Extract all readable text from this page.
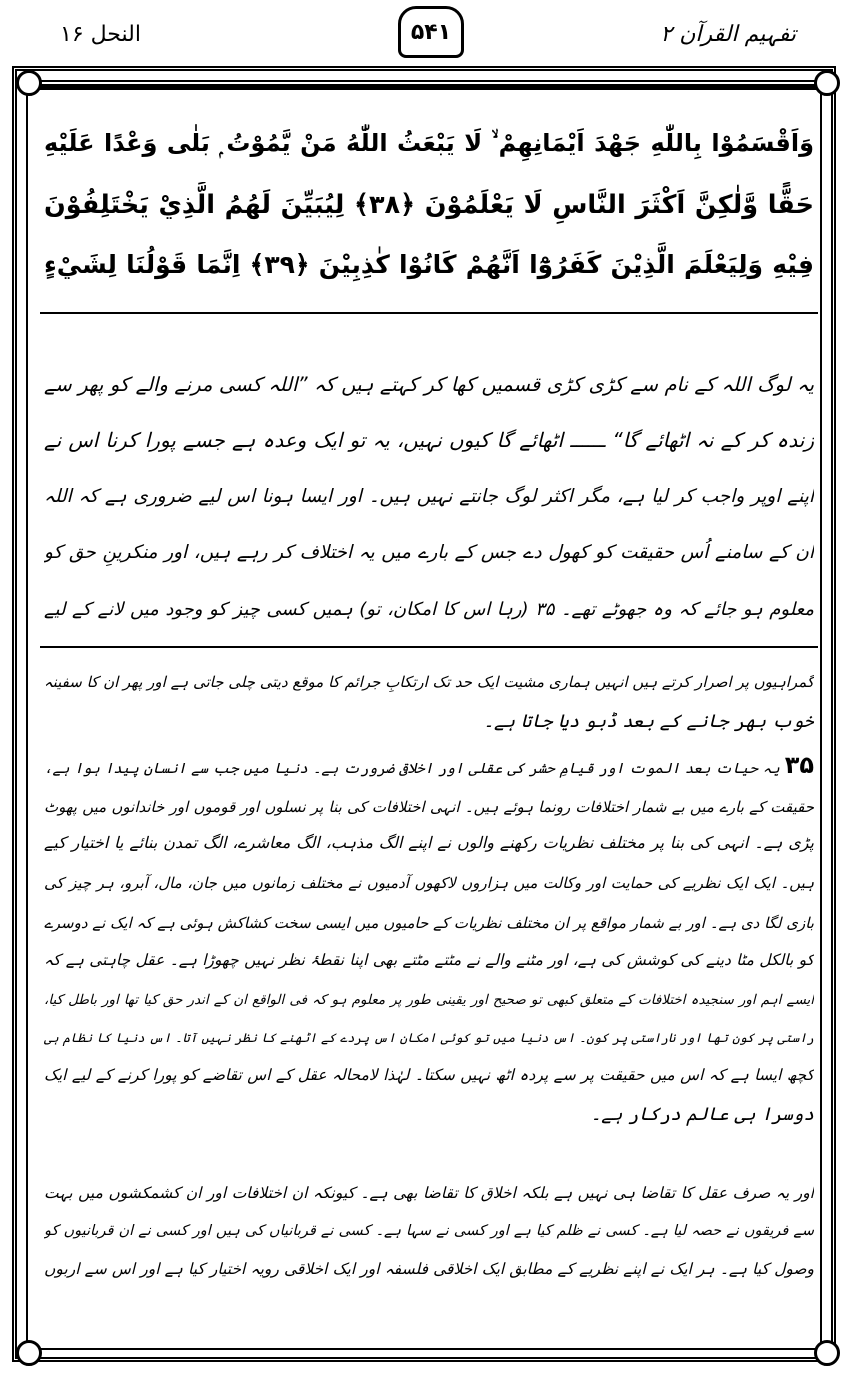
تفہیم القرآن ۲
۵۴۱
النحل ۱۶
وَاَقْسَمُوْا بِاللّٰهِ جَهْدَ اَيْمَانِهِمْ ۙ لَا يَبْعَثُ اللّٰهُ مَنْ يَّمُوْتُ ۭ بَلٰى وَعْدًا عَلَيْهِ
حَقًّا وَّلٰكِنَّ اَكْثَرَ النَّاسِ لَا يَعْلَمُوْنَ ﴿۳۸﴾ لِيُبَيِّنَ لَهُمُ الَّذِيْ يَخْتَلِفُوْنَ
فِيْهِ وَلِيَعْلَمَ الَّذِيْنَ كَفَرُوْٓا اَنَّهُمْ كَانُوْا كٰذِبِيْنَ ﴿۳۹﴾ اِنَّمَا قَوْلُنَا لِشَيْءٍ
یہ لوگ اللہ کے نام سے کڑی کڑی قسمیں کھا کر کہتے ہیں کہ ”اللہ کسی مرنے والے کو پھر سے
زندہ کر کے نہ اٹھائے گا“ ــــــ اٹھائے گا کیوں نہیں، یہ تو ایک وعدہ ہے جسے پورا کرنا اس نے
اپنے اوپر واجب کر لیا ہے، مگر اکثر لوگ جانتے نہیں ہیں۔ اور ایسا ہونا اس لیے ضروری ہے کہ اللہ
ان کے سامنے اُس حقیقت کو کھول دے جس کے بارے میں یہ اختلاف کر رہے ہیں، اور منکرینِ حق کو
معلوم ہو جائے کہ وہ جھوٹے تھے۔ ۳۵ (رہا اس کا امکان، تو) ہمیں کسی چیز کو وجود میں لانے کے لیے
گمراہیوں پر اصرار کرتے ہیں انہیں ہماری مشیت ایک حد تک ارتکابِ جرائم کا موقع دیتی چلی جاتی ہے اور پھر ان کا سفینہ
خوب بھر جانے کے بعد ڈبو دیا جاتا ہے۔
۳۵ یہ حیات بعد الموت اور قیامِ حشر کی عقلی اور اخلاقی ضرورت ہے۔ دنیا میں جب سے انسان پیدا ہوا ہے،
حقیقت کے بارے میں بے شمار اختلافات رونما ہوئے ہیں۔ انہی اختلافات کی بنا پر نسلوں اور قوموں اور خاندانوں میں پھوٹ
پڑی ہے۔ انہی کی بنا پر مختلف نظریات رکھنے والوں نے اپنے الگ مذہب، الگ معاشرے، الگ تمدن بنائے یا اختیار کیے
ہیں۔ ایک ایک نظریے کی حمایت اور وکالت میں ہزاروں لاکھوں آدمیوں نے مختلف زمانوں میں جان، مال، آبرو، ہر چیز کی
بازی لگا دی ہے۔ اور بے شمار مواقع پر ان مختلف نظریات کے حامیوں میں ایسی سخت کشاکش ہوئی ہے کہ ایک نے دوسرے
کو بالکل مٹا دینے کی کوشش کی ہے، اور مٹنے والے نے مٹتے مٹتے بھی اپنا نقطۂ نظر نہیں چھوڑا ہے۔ عقل چاہتی ہے کہ
ایسے اہم اور سنجیدہ اختلافات کے متعلق کبھی تو صحیح اور یقینی طور پر معلوم ہو کہ فی الواقع ان کے اندر حق کیا تھا اور باطل کیا،
راستی پر کون تھا اور ناراستی پر کون۔ اس دنیا میں تو کوئی امکان اس پردے کے اٹھنے کا نظر نہیں آتا۔ اس دنیا کا نظام ہی
کچھ ایسا ہے کہ اس میں حقیقت پر سے پردہ اٹھ نہیں سکتا۔ لہٰذا لامحالہ عقل کے اس تقاضے کو پورا کرنے کے لیے ایک
دوسرا ہی عالم درکار ہے۔
اور یہ صرف عقل کا تقاضا ہی نہیں ہے بلکہ اخلاق کا تقاضا بھی ہے۔ کیونکہ ان اختلافات اور ان کشمکشوں میں بہت
سے فریقوں نے حصہ لیا ہے۔ کسی نے ظلم کیا ہے اور کسی نے سہا ہے۔ کسی نے قربانیاں کی ہیں اور کسی نے ان قربانیوں کو
وصول کیا ہے۔ ہر ایک نے اپنے نظریے کے مطابق ایک اخلاقی فلسفہ اور ایک اخلاقی رویہ اختیار کیا ہے اور اس سے اربوں
